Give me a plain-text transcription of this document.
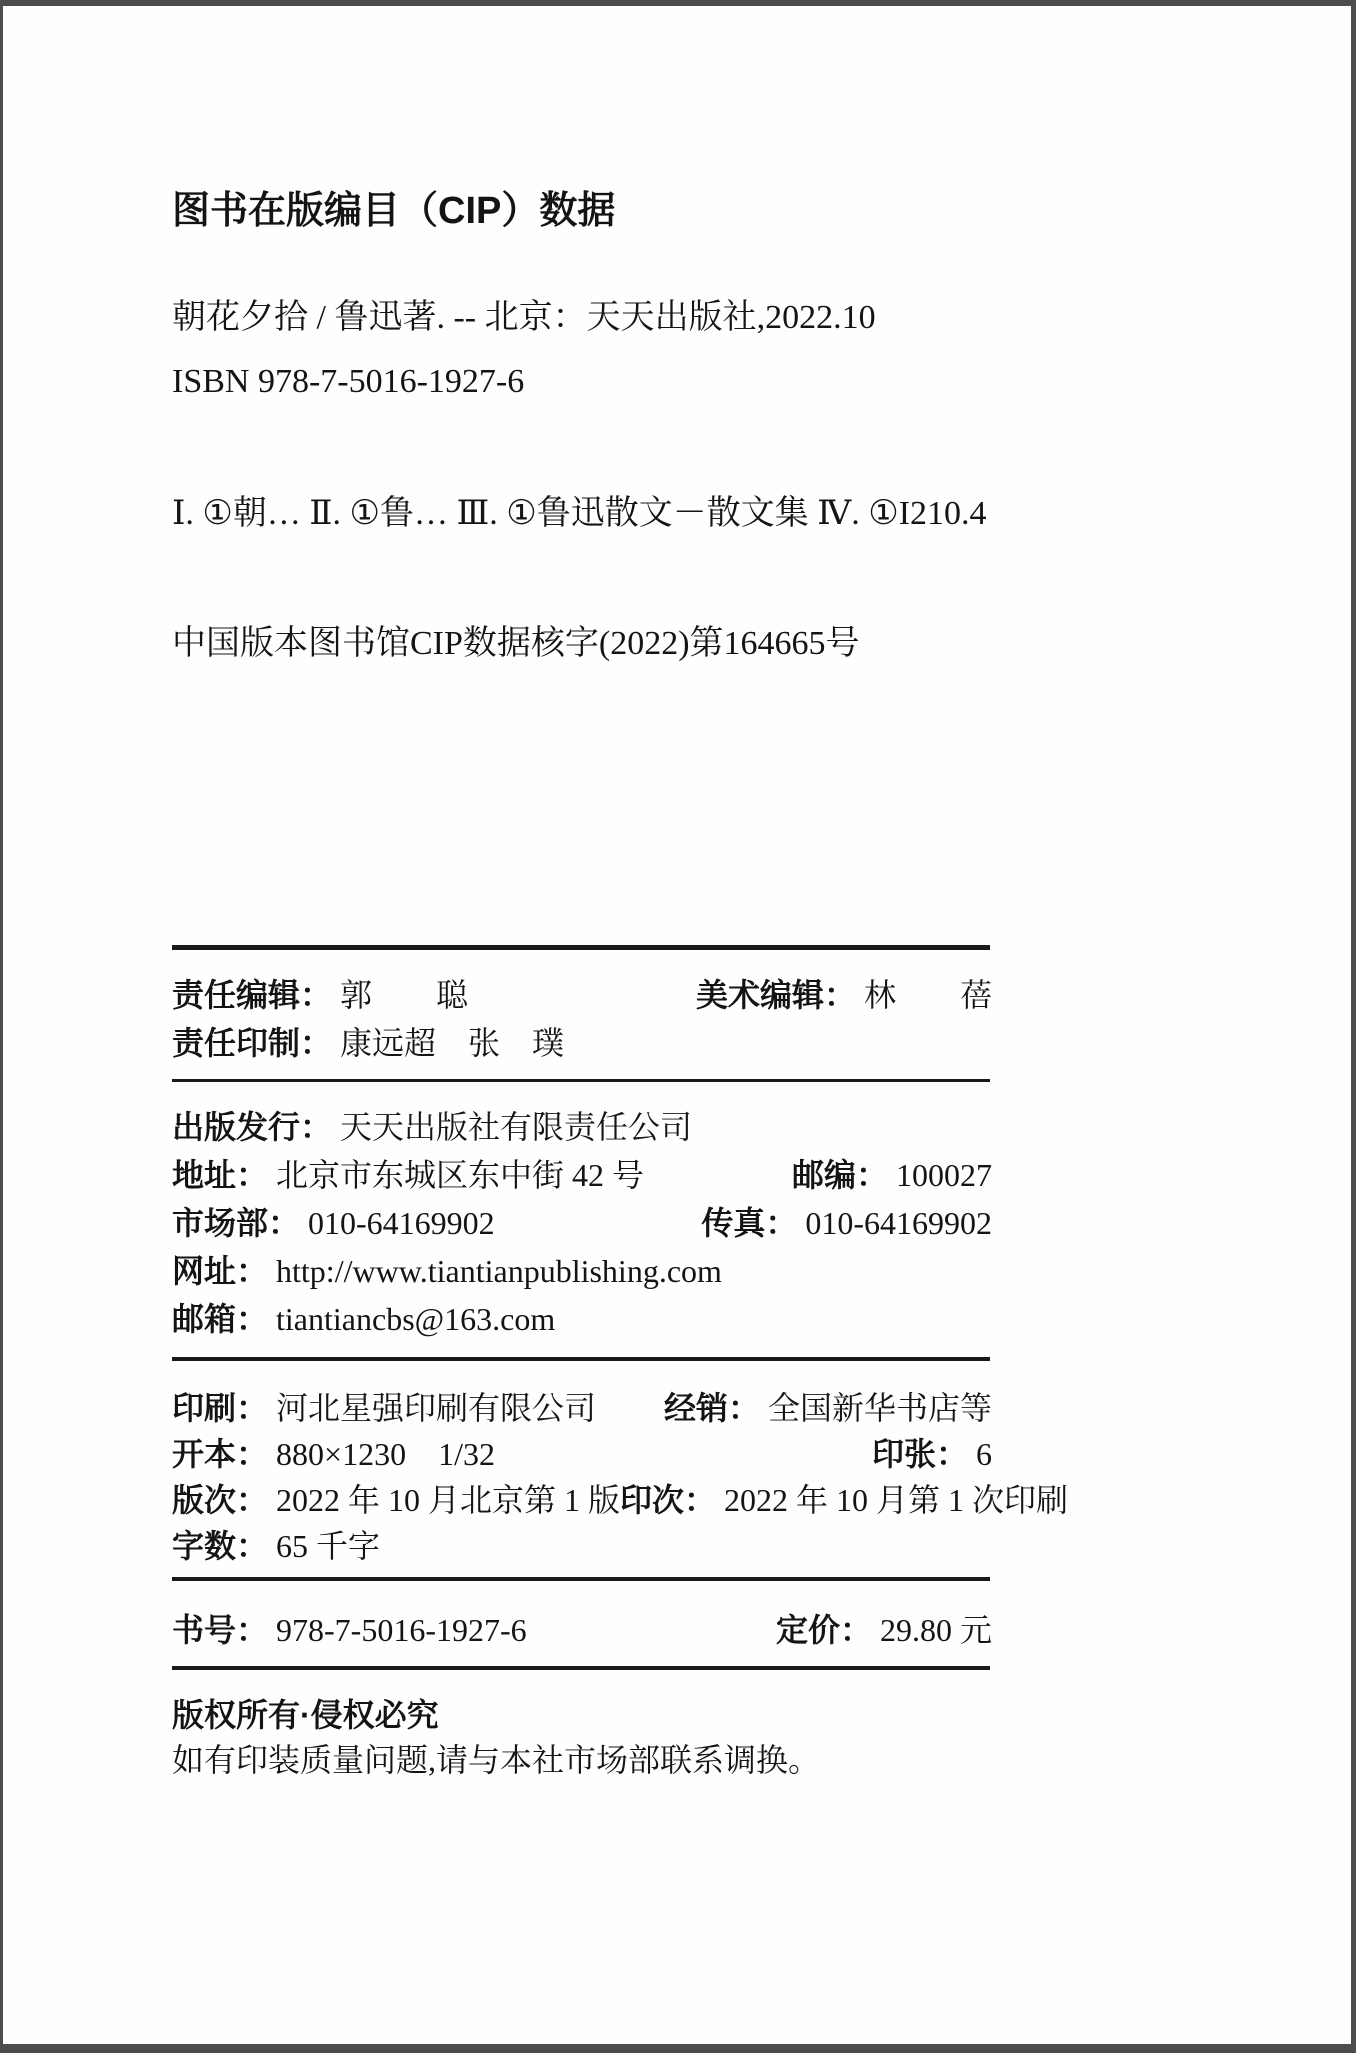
图书在版编目（CIP）数据
朝花夕拾 / 鲁迅著. -- 北京：天天出版社,2022.10
ISBN 978-7-5016-1927-6
Ⅰ. ①朝… Ⅱ. ①鲁… Ⅲ. ①鲁迅散文－散文集 Ⅳ. ①I210.4
中国版本图书馆CIP数据核字(2022)第164665号
责任编辑： 郭　　聪	美术编辑： 林　　蓓
责任印制： 康远超　张　璞
出版发行： 天天出版社有限责任公司
地址： 北京市东城区东中街 42 号	邮编： 100027
市场部： 010-64169902	传真： 010-64169902
网址： http://www.tiantianpublishing.com
邮箱： tiantiancbs@163.com
印刷： 河北星强印刷有限公司 经销： 全国新华书店等
开本： 880×1230　1/32	印张： 6
版次： 2022 年 10 月北京第 1 版 印次： 2022 年 10 月第 1 次印刷
字数： 65 千字
书号： 978-7-5016-1927-6	定价： 29.80 元
版权所有·侵权必究
如有印装质量问题,请与本社市场部联系调换。
